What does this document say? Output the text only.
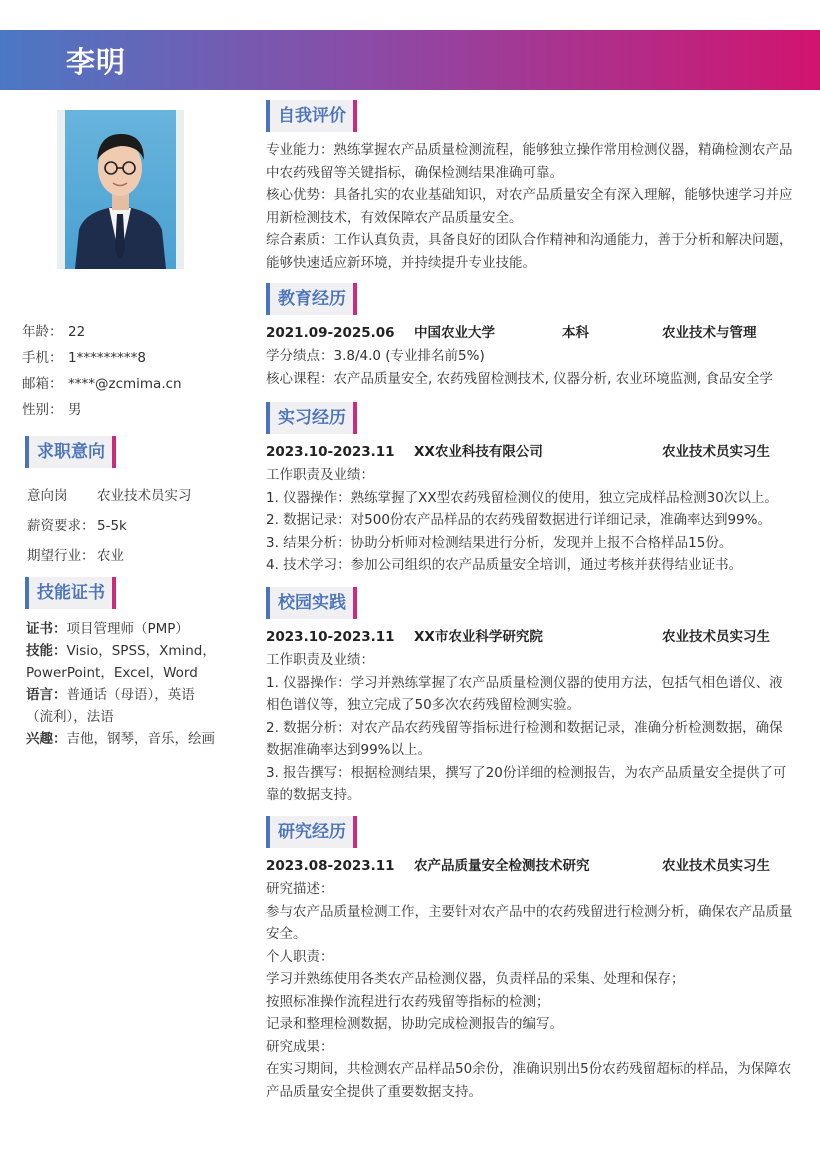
李明
年龄： 22
手机： 1*********8
邮箱： ****@zcmima.cn
性别： 男
求职意向
意向岗 农业技术员实习
薪资要求： 5-5k
期望行业： 农业
技能证书

证书：项目管理师（PMP）

技能：Visio，SPSS，Xmind，PowerPoint，Excel，Word

语言：普通话（母语），英语（流利），法语

兴趣：吉他，钢琴，音乐，绘画

自我评价

专业能力：熟练掌握农产品质量检测流程，能够独立操作常用检测仪器，精确检测农产品中农药残留等关键指标，确保检测结果准确可靠。

核心优势：具备扎实的农业基础知识，对农产品质量安全有深入理解，能够快速学习并应用新检测技术，有效保障农产品质量安全。

综合素质：工作认真负责，具备良好的团队合作精神和沟通能力，善于分析和解决问题，能够快速适应新环境，并持续提升专业技能。

教育经历
2021.09-2025.06 中国农业大学	本科	农业技术与管理

学分绩点：3.8/4.0 (专业排名前5%)

核心课程：农产品质量安全, 农药残留检测技术, 仪器分析, 农业环境监测, 食品安全学

实习经历
2023.10-2023.11 XX农业科技有限公司	农业技术员实习生

工作职责及业绩：

1. 仪器操作：熟练掌握了XX型农药残留检测仪的使用，独立完成样品检测30次以上。

2. 数据记录：对500份农产品样品的农药残留数据进行详细记录，准确率达到99%。

3. 结果分析：协助分析师对检测结果进行分析，发现并上报不合格样品15份。

4. 技术学习：参加公司组织的农产品质量安全培训，通过考核并获得结业证书。

校园实践
2023.10-2023.11 XX市农业科学研究院	农业技术员实习生

工作职责及业绩：

1. 仪器操作：学习并熟练掌握了农产品质量检测仪器的使用方法，包括气相色谱仪、液相色谱仪等，独立完成了50多次农药残留检测实验。

2. 数据分析：对农产品农药残留等指标进行检测和数据记录，准确分析检测数据，确保数据准确率达到99%以上。

3. 报告撰写：根据检测结果，撰写了20份详细的检测报告，为农产品质量安全提供了可靠的数据支持。

研究经历
2023.08-2023.11 农产品质量安全检测技术研究	农业技术员实习生

研究描述：

参与农产品质量检测工作，主要针对农产品中的农药残留进行检测分析，确保农产品质量安全。

个人职责：

学习并熟练使用各类农产品检测仪器，负责样品的采集、处理和保存；

按照标准操作流程进行农药残留等指标的检测；

记录和整理检测数据，协助完成检测报告的编写。

研究成果：

在实习期间，共检测农产品样品50余份，准确识别出5份农药残留超标的样品，为保障农产品质量安全提供了重要数据支持。
